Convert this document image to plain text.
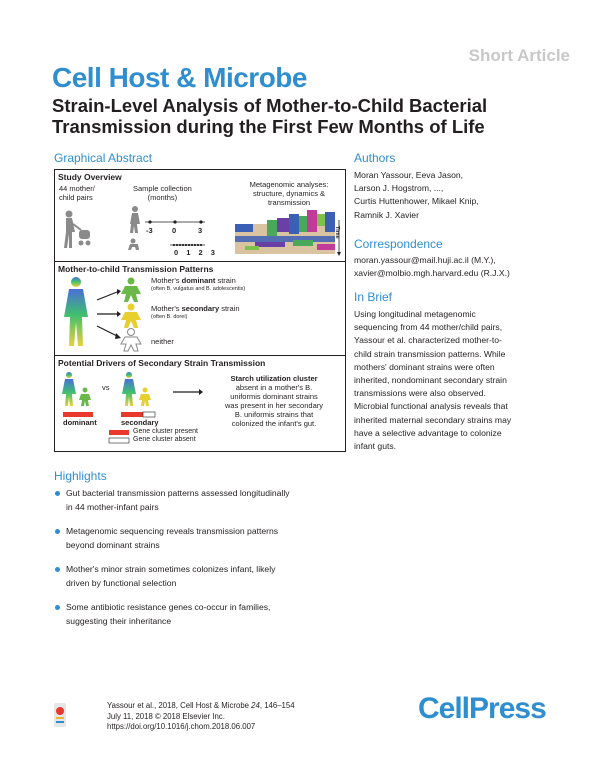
Short Article
Cell Host & Microbe
Strain-Level Analysis of Mother-to-Child Bacterial
Transmission during the First Few Months of Life
Graphical Abstract
Study Overview
44 mother/
child pairs
Sample collection
(months)
Metagenomic analyses:
structure, dynamics &
transmission
-3	0	3
0 1 2 3
Time
Mother-to-child Transmission Patterns
Mother's dominant strain
(often B. vulgatus and B. adolescentis)
Mother's secondary strain
(often B. dorei)
neither
Potential Drivers of Secondary Strain Transmission
vs
dominant	secondary
Gene cluster present
Gene cluster absent
Starch utilization cluster
absent in a mother's B.
uniformis dominant strains
was present in her secondary
B. uniformis strains that
colonized the infant's gut.
Authors
Moran Yassour, Eeva Jason,
Larson J. Hogstrom, ...,
Curtis Huttenhower, Mikael Knip,
Ramnik J. Xavier
Correspondence
moran.yassour@mail.huji.ac.il (M.Y.),
xavier@molbio.mgh.harvard.edu (R.J.X.)
In Brief
Using longitudinal metagenomic
sequencing from 44 mother/child pairs,
Yassour et al. characterized mother-to-
child strain transmission patterns. While
mothers' dominant strains were often
inherited, nondominant secondary strain
transmissions were also observed.
Microbial functional analysis reveals that
inherited maternal secondary strains may
have a selective advantage to colonize
infant guts.
Highlights
Gut bacterial transmission patterns assessed longitudinally
in 44 mother-infant pairs
Metagenomic sequencing reveals transmission patterns
beyond dominant strains
Mother's minor strain sometimes colonizes infant, likely
driven by functional selection
Some antibiotic resistance genes co-occur in families,
suggesting their inheritance
Yassour et al., 2018, Cell Host & Microbe 24, 146–154
July 11, 2018 © 2018 Elsevier Inc.
https://doi.org/10.1016/j.chom.2018.06.007
CellPress
